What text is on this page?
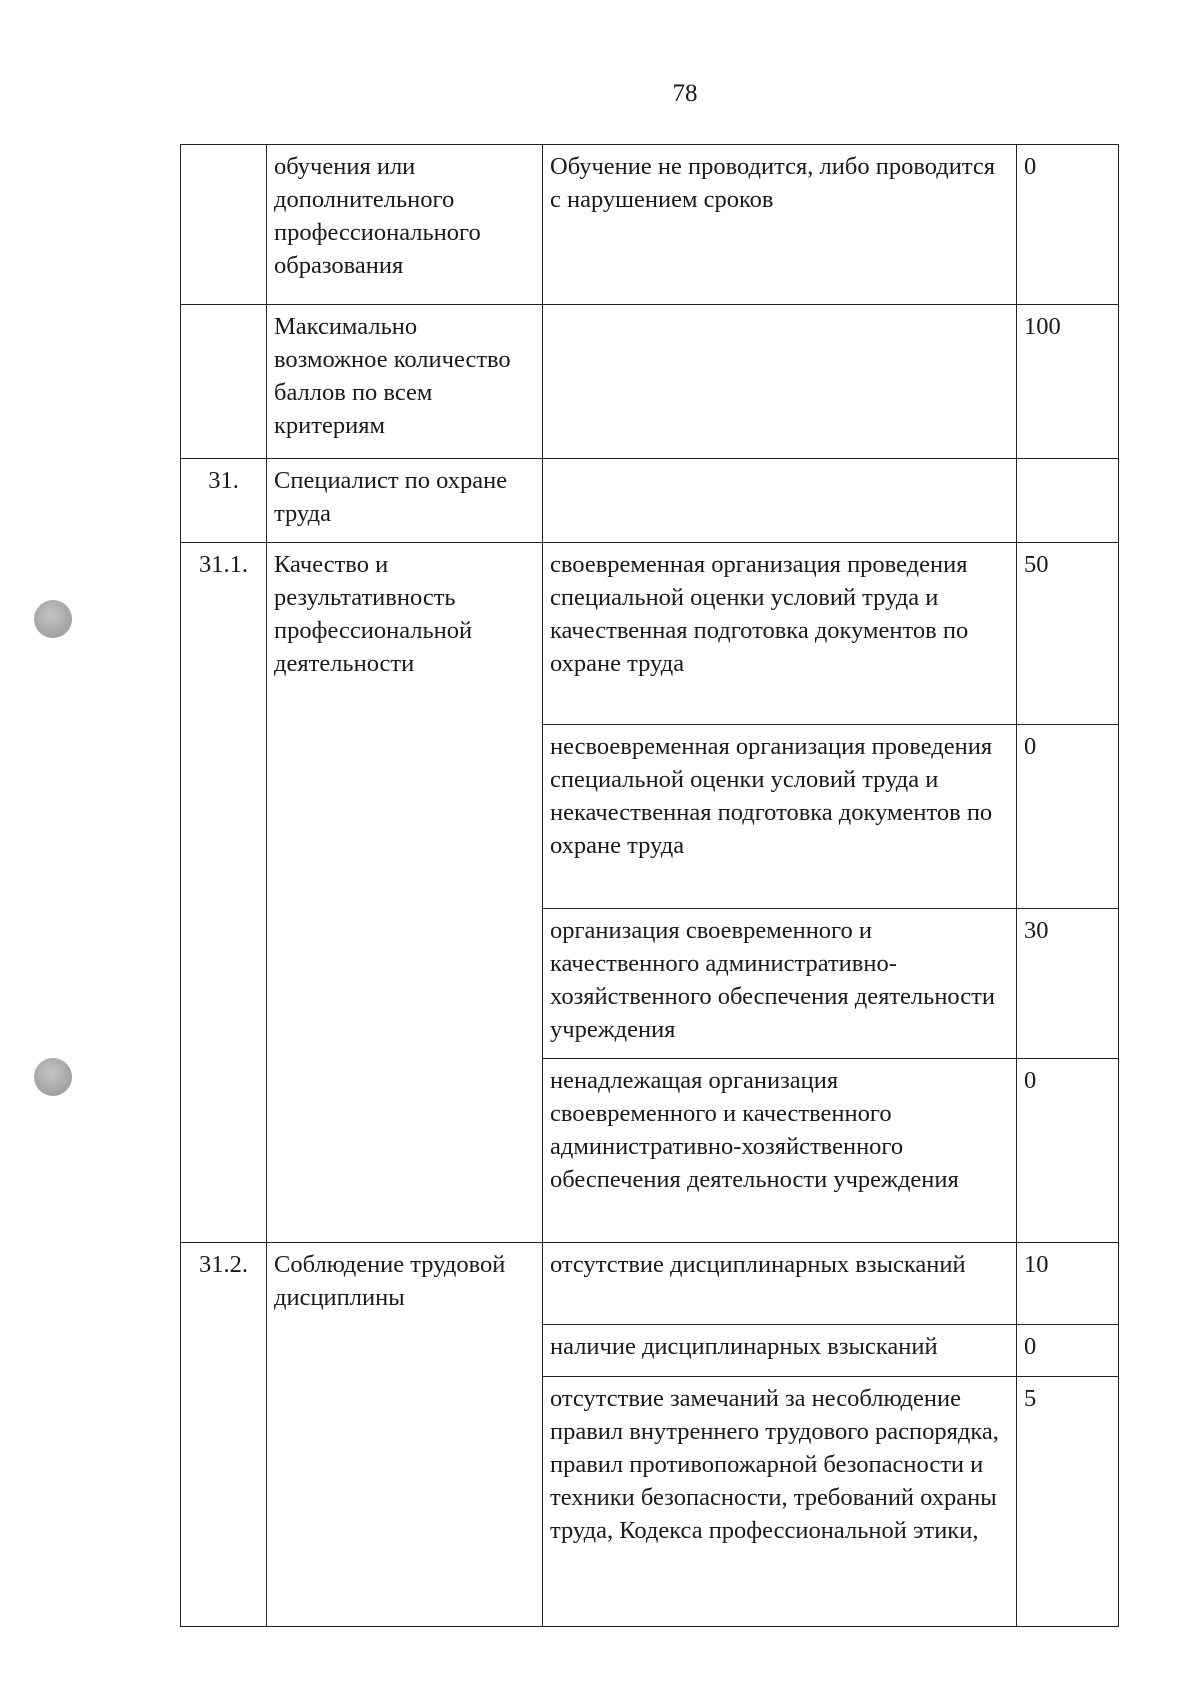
78
	обучения или дополнительного профессионального образования	Обучение не проводится, либо проводится с нарушением сроков	0
	Максимально возможное количество баллов по всем критериям		100
31.	Специалист по охране труда		
31.1.	Качество и результативность профессиональной деятельности	своевременная организация проведения специальной оценки условий труда и качественная подготовка документов по охране труда	50
		несвоевременная организация проведения специальной оценки условий труда и некачественная подготовка документов по охране труда	0
		организация своевременного и качественного административно-хозяйственного обеспечения деятельности учреждения	30
		ненадлежащая организация своевременного и качественного административно-хозяйственного обеспечения деятельности учреждения	0
31.2.	Соблюдение трудовой дисциплины	отсутствие дисциплинарных взысканий	10
		наличие дисциплинарных взысканий	0
		отсутствие замечаний за несоблюдение правил внутреннего трудового распорядка, правил противопожарной безопасности и техники безопасности, требований охраны труда, Кодекса профессиональной этики,	5
